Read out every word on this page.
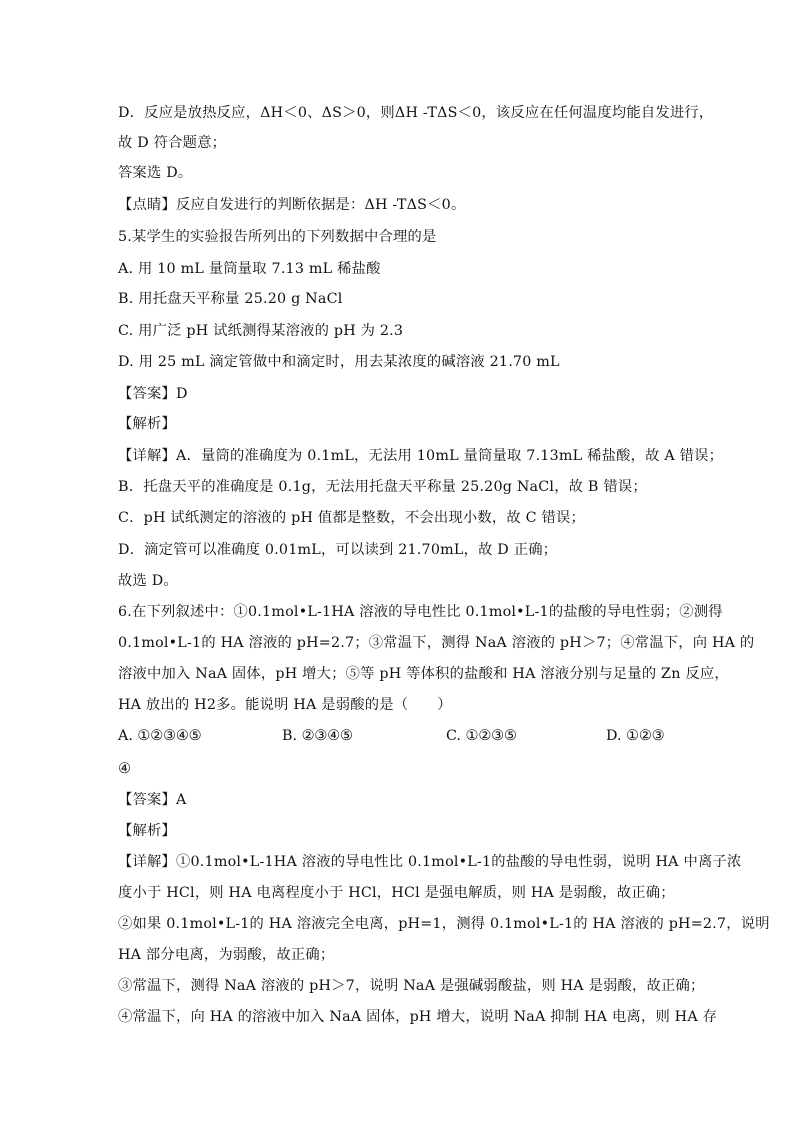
D．反应是放热反应，ΔH＜0、ΔS＞0，则ΔH -TΔS＜0，该反应在任何温度均能自发进行，
故 D 符合题意；
答案选 D。
【点睛】反应自发进行的判断依据是：ΔH -TΔS＜0。
5.某学生的实验报告所列出的下列数据中合理的是
A. 用 10 mL 量筒量取 7.13 mL 稀盐酸
B. 用托盘天平称量 25.20 g NaCl
C. 用广泛 pH 试纸测得某溶液的 pH 为 2.3
D. 用 25 mL 滴定管做中和滴定时，用去某浓度的碱溶液 21.70 mL
【答案】D
【解析】
【详解】A．量筒的准确度为 0.1mL，无法用 10mL 量筒量取 7.13mL 稀盐酸，故 A 错误；
B．托盘天平的准确度是 0.1g，无法用托盘天平称量 25.20g NaCl，故 B 错误；
C．pH 试纸测定的溶液的 pH 值都是整数，不会出现小数，故 C 错误；
D．滴定管可以准确度 0.01mL，可以读到 21.70mL，故 D 正确；
故选 D。
6.在下列叙述中：①0.1mol•L-1HA 溶液的导电性比 0.1mol•L-1的盐酸的导电性弱；②测得
0.1mol•L-1的 HA 溶液的 pH=2.7；③常温下，测得 NaA 溶液的 pH＞7；④常温下，向 HA 的
溶液中加入 NaA 固体，pH 增大；⑤等 pH 等体积的盐酸和 HA 溶液分别与足量的 Zn 反应，
HA 放出的 H2多。能说明 HA 是弱酸的是（　　）
A. ①②③④⑤	B. ②③④⑤	C. ①②③⑤	D. ①②③
④
【答案】A
【解析】
【详解】①0.1mol•L-1HA 溶液的导电性比 0.1mol•L-1的盐酸的导电性弱，说明 HA 中离子浓
度小于 HCl，则 HA 电离程度小于 HCl，HCl 是强电解质，则 HA 是弱酸，故正确；
②如果 0.1mol•L-1的 HA 溶液完全电离，pH=1，测得 0.1mol•L-1的 HA 溶液的 pH=2.7，说明
HA 部分电离，为弱酸，故正确；
③常温下，测得 NaA 溶液的 pH＞7，说明 NaA 是强碱弱酸盐，则 HA 是弱酸，故正确；
④常温下，向 HA 的溶液中加入 NaA 固体，pH 增大，说明 NaA 抑制 HA 电离，则 HA 存
